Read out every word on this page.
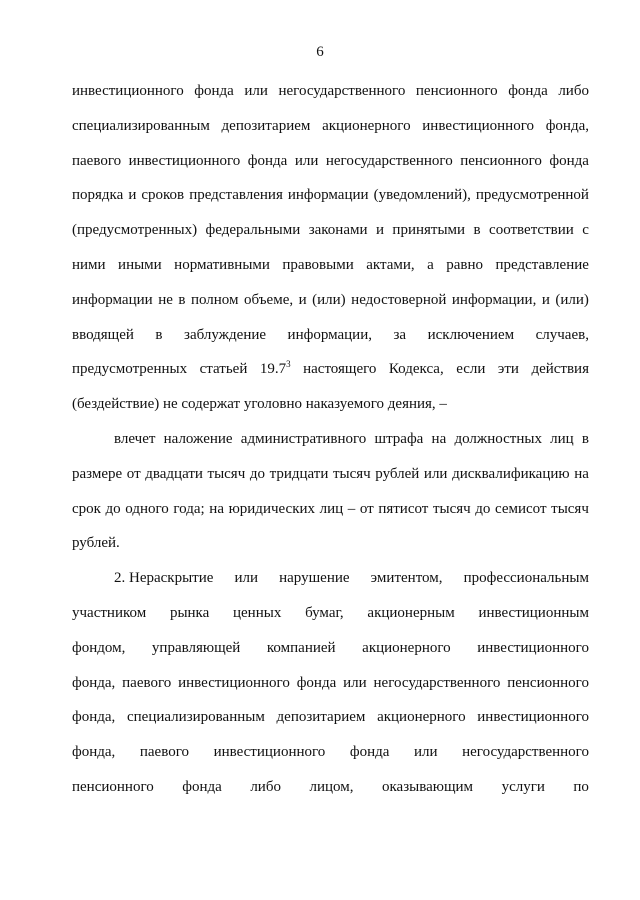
6
инвестиционного фонда или негосударственного пенсионного фонда либо
специализированным депозитарием акционерного инвестиционного фонда,
паевого инвестиционного фонда или негосударственного пенсионного фонда
порядка и сроков представления информации (уведомлений), предусмотренной
(предусмотренных) федеральными законами и принятыми в соответствии с
ними иными нормативными правовыми актами, а равно представление
информации не в полном объеме, и (или) недостоверной информации, и (или)
вводящей в заблуждение информации, за исключением случаев,
предусмотренных статьей 19.7$^3$ настоящего Кодекса, если эти действия
(бездействие) не содержат уголовно наказуемого деяния, –
влечет наложение административного штрафа на должностных лиц в
размере от двадцати тысяч до тридцати тысяч рублей или дисквалификацию на
срок до одного года; на юридических лиц – от пятисот тысяч до семисот тысяч
рублей.
2. Нераскрытие или нарушение эмитентом, профессиональным
участником рынка ценных бумаг, акционерным инвестиционным
фондом, управляющей компанией акционерного инвестиционного
фонда, паевого инвестиционного фонда или негосударственного пенсионного
фонда, специализированным депозитарием акционерного инвестиционного
фонда, паевого инвестиционного фонда или негосударственного
пенсионного фонда либо лицом, оказывающим услуги по
